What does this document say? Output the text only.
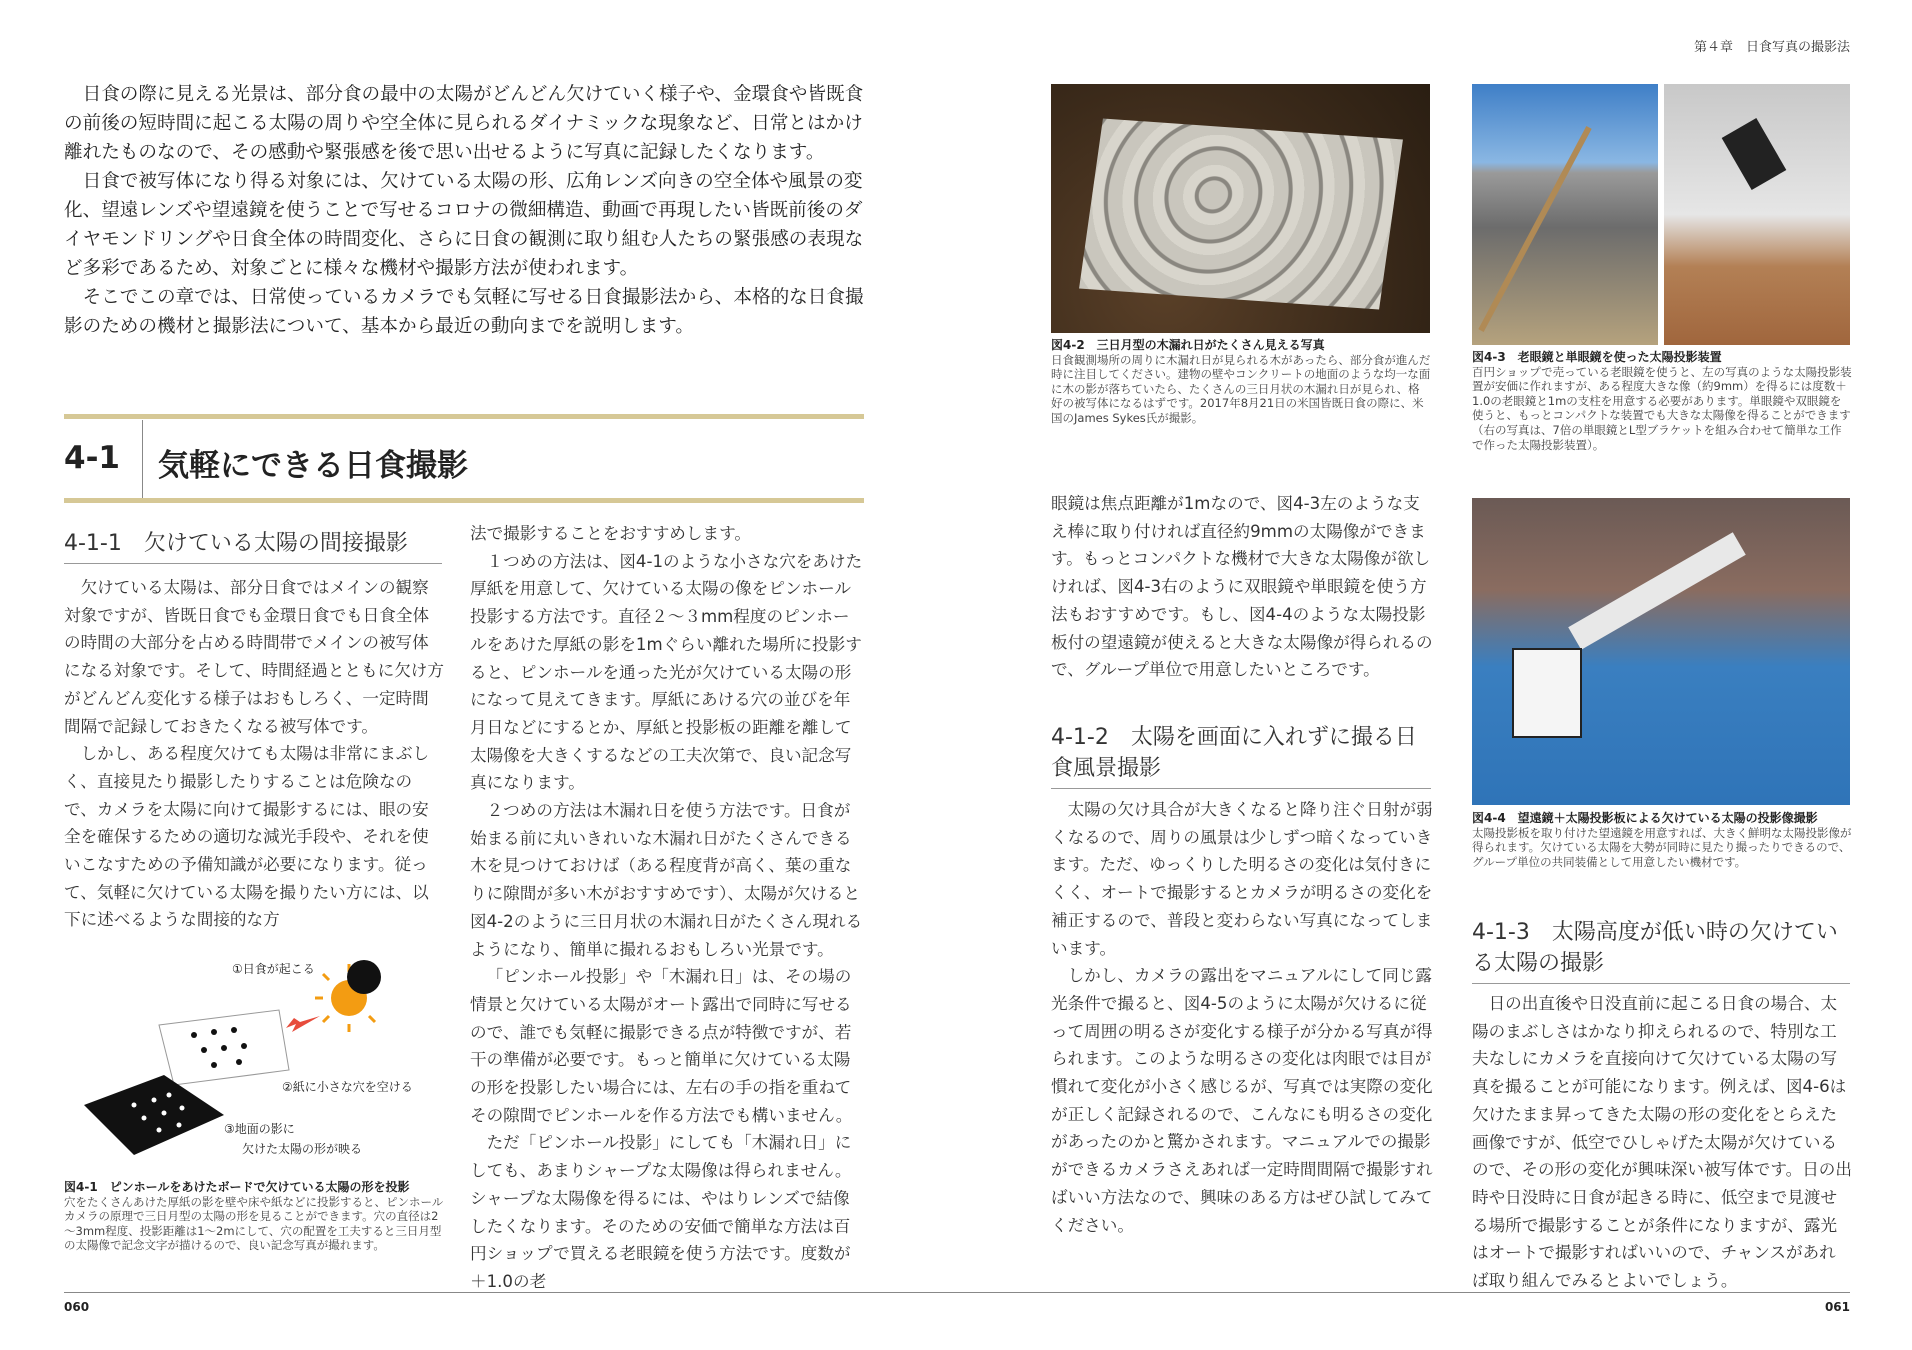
第４章　日食写真の撮影法

日食の際に見える光景は、部分食の最中の太陽がどんどん欠けていく様子や、金環食や皆既食の前後の短時間に起こる太陽の周りや空全体に見られるダイナミックな現象など、日常とはかけ離れたものなので、その感動や緊張感を後で思い出せるように写真に記録したくなります。

日食で被写体になり得る対象には、欠けている太陽の形、広角レンズ向きの空全体や風景の変化、望遠レンズや望遠鏡を使うことで写せるコロナの微細構造、動画で再現したい皆既前後のダイヤモンドリングや日食全体の時間変化、さらに日食の観測に取り組む人たちの緊張感の表現など多彩であるため、対象ごとに様々な機材や撮影方法が使われます。

そこでこの章では、日常使っているカメラでも気軽に写せる日食撮影法から、本格的な日食撮影のための機材と撮影法について、基本から最近の動向までを説明します。

4-1 気軽にできる日食撮影
4-1-1　欠けている太陽の間接撮影

欠けている太陽は、部分日食ではメインの観察対象ですが、皆既日食でも金環日食でも日食全体の時間の大部分を占める時間帯でメインの被写体になる対象です。そして、時間経過とともに欠け方がどんどん変化する様子はおもしろく、一定時間間隔で記録しておきたくなる被写体です。

しかし、ある程度欠けても太陽は非常にまぶしく、直接見たり撮影したりすることは危険なので、カメラを太陽に向けて撮影するには、眼の安全を確保するための適切な減光手段や、それを使いこなすための予備知識が必要になります。従って、気軽に欠けている太陽を撮りたい方には、以下に述べるような間接的な方

①日食が起こる
②紙に小さな穴を空ける
③地面の影に
欠けた太陽の形が映る
図4-1　ピンホールをあけたボードで欠けている太陽の形を投影
穴をたくさんあけた厚紙の影を壁や床や紙などに投影すると、ピンホールカメラの原理で三日月型の太陽の形を見ることができます。穴の直径は2～3mm程度、投影距離は1～2mにして、穴の配置を工夫すると三日月型の太陽像で記念文字が描けるので、良い記念写真が撮れます。

法で撮影することをおすすめします。

１つめの方法は、図4-1のような小さな穴をあけた厚紙を用意して、欠けている太陽の像をピンホール投影する方法です。直径２～３mm程度のピンホールをあけた厚紙の影を1mぐらい離れた場所に投影すると、ピンホールを通った光が欠けている太陽の形になって見えてきます。厚紙にあける穴の並びを年月日などにするとか、厚紙と投影板の距離を離して太陽像を大きくするなどの工夫次第で、良い記念写真になります。

２つめの方法は木漏れ日を使う方法です。日食が始まる前に丸いきれいな木漏れ日がたくさんできる木を見つけておけば（ある程度背が高く、葉の重なりに隙間が多い木がおすすめです）、太陽が欠けると図4-2のように三日月状の木漏れ日がたくさん現れるようになり、簡単に撮れるおもしろい光景です。

「ピンホール投影」や「木漏れ日」は、その場の情景と欠けている太陽がオート露出で同時に写せるので、誰でも気軽に撮影できる点が特徴ですが、若干の準備が必要です。もっと簡単に欠けている太陽の形を投影したい場合には、左右の手の指を重ねてその隙間でピンホールを作る方法でも構いません。

ただ「ピンホール投影」にしても「木漏れ日」にしても、あまりシャープな太陽像は得られません。シャープな太陽像を得るには、やはりレンズで結像したくなります。そのための安価で簡単な方法は百円ショップで買える老眼鏡を使う方法です。度数が＋1.0の老

図4-2　三日月型の木漏れ日がたくさん見える写真
日食観測場所の周りに木漏れ日が見られる木があったら、部分食が進んだ時に注目してください。建物の壁やコンクリートの地面のような均一な面に木の影が落ちていたら、たくさんの三日月状の木漏れ日が見られ、格好の被写体になるはずです。2017年8月21日の米国皆既日食の際に、米国のJames Sykes氏が撮影。
図4-3　老眼鏡と単眼鏡を使った太陽投影装置
百円ショップで売っている老眼鏡を使うと、左の写真のような太陽投影装置が安価に作れますが、ある程度大きな像（約9mm）を得るには度数＋1.0の老眼鏡と1mの支柱を用意する必要があります。単眼鏡や双眼鏡を使うと、もっとコンパクトな装置でも大きな太陽像を得ることができます（右の写真は、7倍の単眼鏡とL型ブラケットを組み合わせて簡単な工作で作った太陽投影装置）。

眼鏡は焦点距離が1mなので、図4-3左のような支え棒に取り付ければ直径約9mmの太陽像ができます。もっとコンパクトな機材で大きな太陽像が欲しければ、図4-3右のように双眼鏡や単眼鏡を使う方法もおすすめです。もし、図4-4のような太陽投影板付の望遠鏡が使えると大きな太陽像が得られるので、グループ単位で用意したいところです。

4-1-2　太陽を画面に入れずに撮る日食風景撮影

太陽の欠け具合が大きくなると降り注ぐ日射が弱くなるので、周りの風景は少しずつ暗くなっていきます。ただ、ゆっくりした明るさの変化は気付きにくく、オートで撮影するとカメラが明るさの変化を補正するので、普段と変わらない写真になってしまいます。

しかし、カメラの露出をマニュアルにして同じ露光条件で撮ると、図4-5のように太陽が欠けるに従って周囲の明るさが変化する様子が分かる写真が得られます。このような明るさの変化は肉眼では目が慣れて変化が小さく感じるが、写真では実際の変化が正しく記録されるので、こんなにも明るさの変化があったのかと驚かされます。マニュアルでの撮影ができるカメラさえあれば一定時間間隔で撮影すればいい方法なので、興味のある方はぜひ試してみてください。

図4-4　望遠鏡＋太陽投影板による欠けている太陽の投影像撮影
太陽投影板を取り付けた望遠鏡を用意すれば、大きく鮮明な太陽投影像が得られます。欠けている太陽を大勢が同時に見たり撮ったりできるので、グループ単位の共同装備として用意したい機材です。
4-1-3　太陽高度が低い時の欠けている太陽の撮影

日の出直後や日没直前に起こる日食の場合、太陽のまぶしさはかなり抑えられるので、特別な工夫なしにカメラを直接向けて欠けている太陽の写真を撮ることが可能になります。例えば、図4-6は欠けたまま昇ってきた太陽の形の変化をとらえた画像ですが、低空でひしゃげた太陽が欠けているので、その形の変化が興味深い被写体です。日の出時や日没時に日食が起きる時に、低空まで見渡せる場所で撮影することが条件になりますが、露光はオートで撮影すればいいので、チャンスがあれば取り組んでみるとよいでしょう。

060	061
